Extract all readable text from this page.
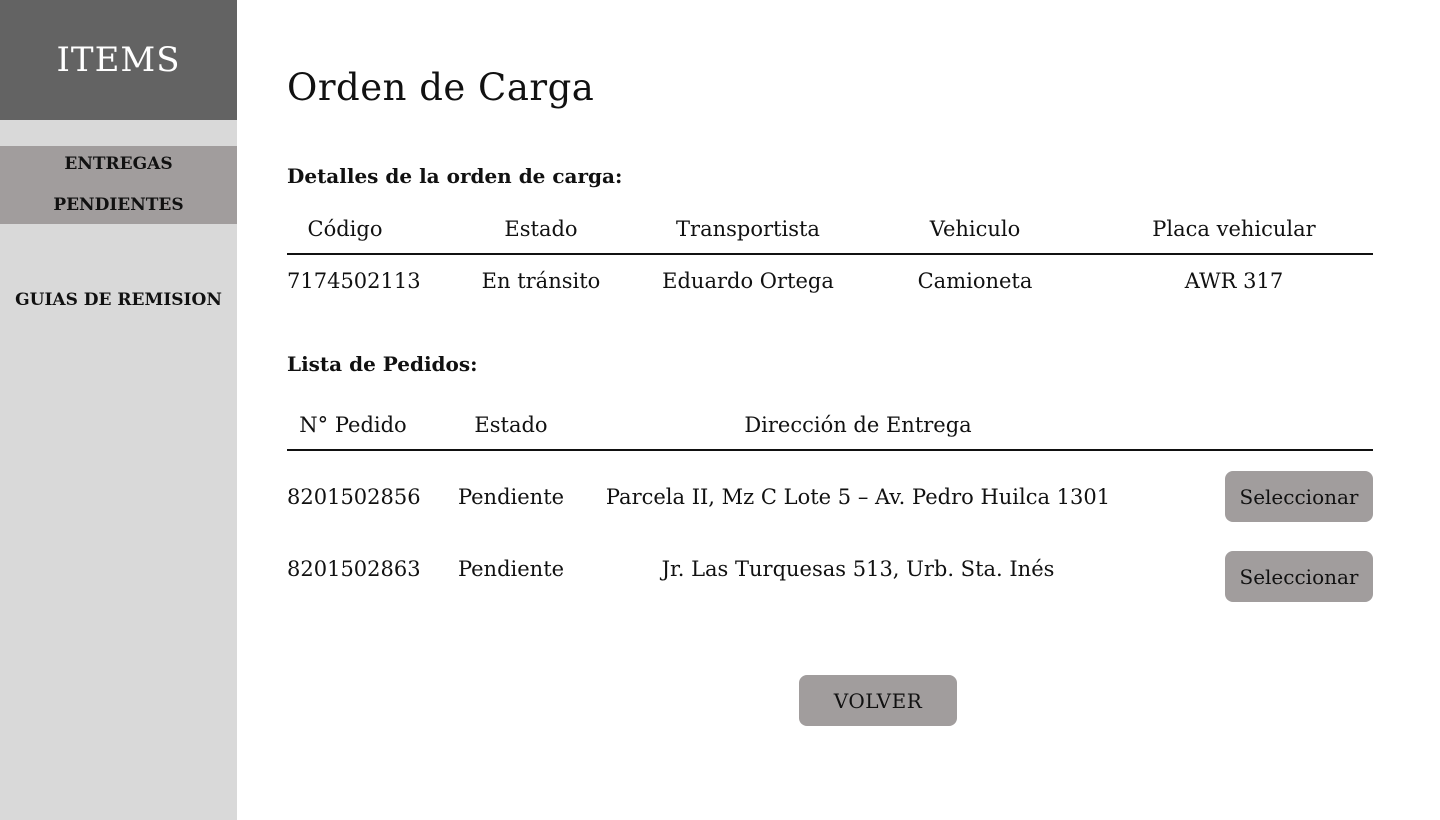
ITEMS
ENTREGAS PENDIENTES
GUIAS DE REMISION
Orden de Carga
Detalles de la orden de carga:
Código	Estado	Transportista	Vehiculo	Placa vehicular
7174502113	En tránsito	Eduardo Ortega	Camioneta	AWR 317
Lista de Pedidos:
N° Pedido	Estado	Dirección de Entrega
8201502856 Pendiente Parcela II, Mz C Lote 5 – Av. Pedro Huilca 1301	Seleccionar
8201502863 Pendiente	Jr. Las Turquesas 513, Urb. Sta. Inés	Seleccionar
VOLVER
